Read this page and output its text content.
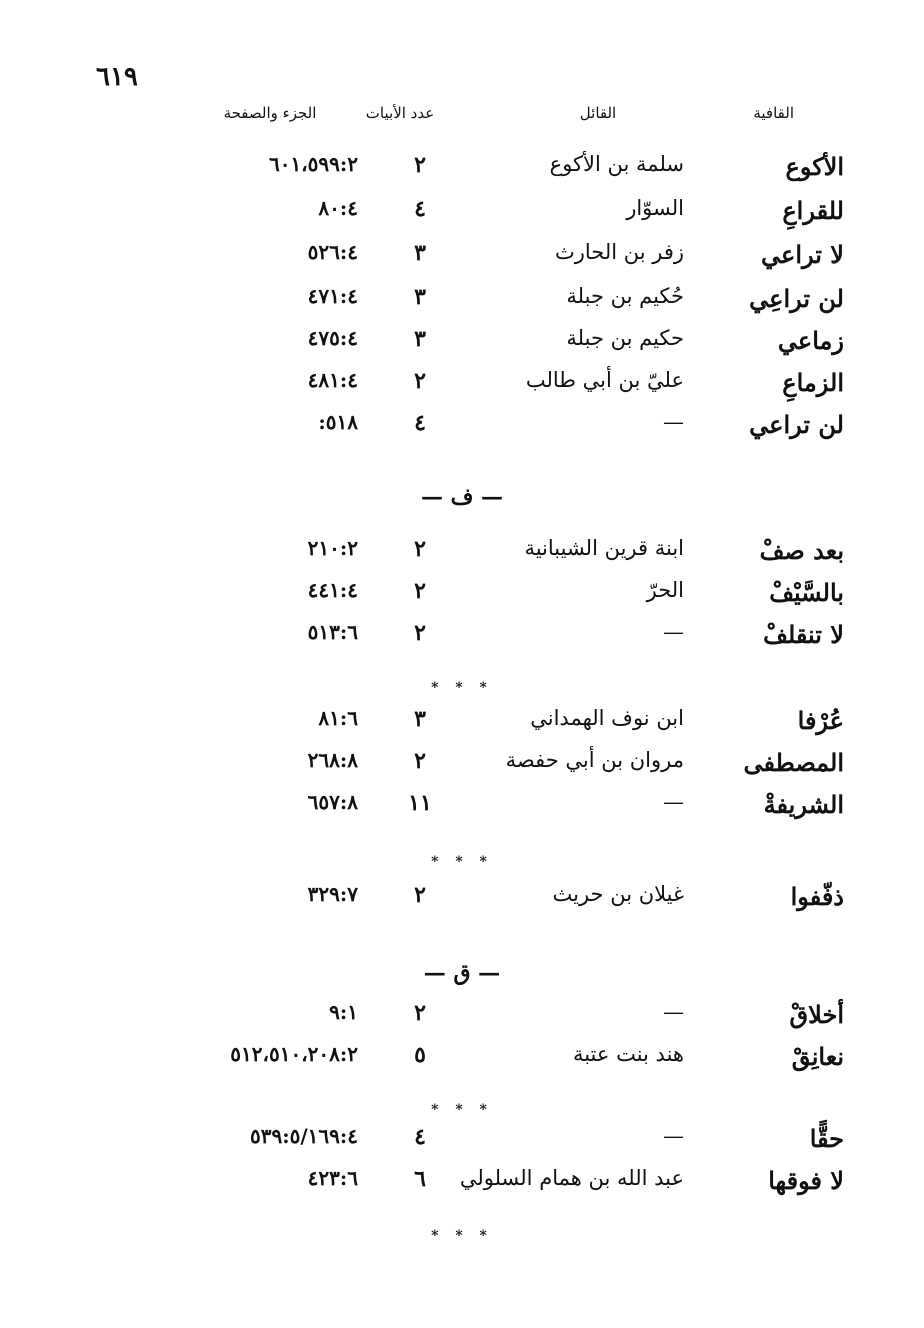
٦١٩
القافية
القائل
عدد الأبيات
الجزء والصفحة
الأكوع
سلمة بن الأكوع
٢
٦٠١،٥٩٩:٢
للقراعِ
السوّار
٤
٨٠:٤
لا تراعي
زفر بن الحارث
٣
٥٢٦:٤
لن تراعِي
حُكيم بن جبلة
٣
٤٧١:٤
زماعي
حكيم بن جبلة
٣
٤٧٥:٤
الزماعِ
عليّ بن أبي طالب
٢
٤٨١:٤
لن تراعي
—
٤
٥١٨:
— ف —
بعد صفْ
ابنة قرين الشيبانية
٢
٢١٠:٢
بالسَّيْفْ
الحرّ
٢
٤٤١:٤
لا تنقلفْ
—
٢
٥١٣:٦
* * *
عُرْفا
ابن نوف الهمداني
٣
٨١:٦
المصطفى
مروان بن أبي حفصة
٢
٢٦٨:٨
الشريفةْ
—
١١
٦٥٧:٨
* * *
ذفّفوا
غيلان بن حريث
٢
٣٢٩:٧
— ق —
أخلاقْ
—
٢
٩:١
نعانِقْ
هند بنت عتبة
٥
٥١٢،٥١٠،٢٠٨:٢
* * *
حقًّا
—
٤
٥٣٩:٥/١٦٩:٤
لا فوقها
عبد الله بن همام السلولي
٦
٤٢٣:٦
* * *
